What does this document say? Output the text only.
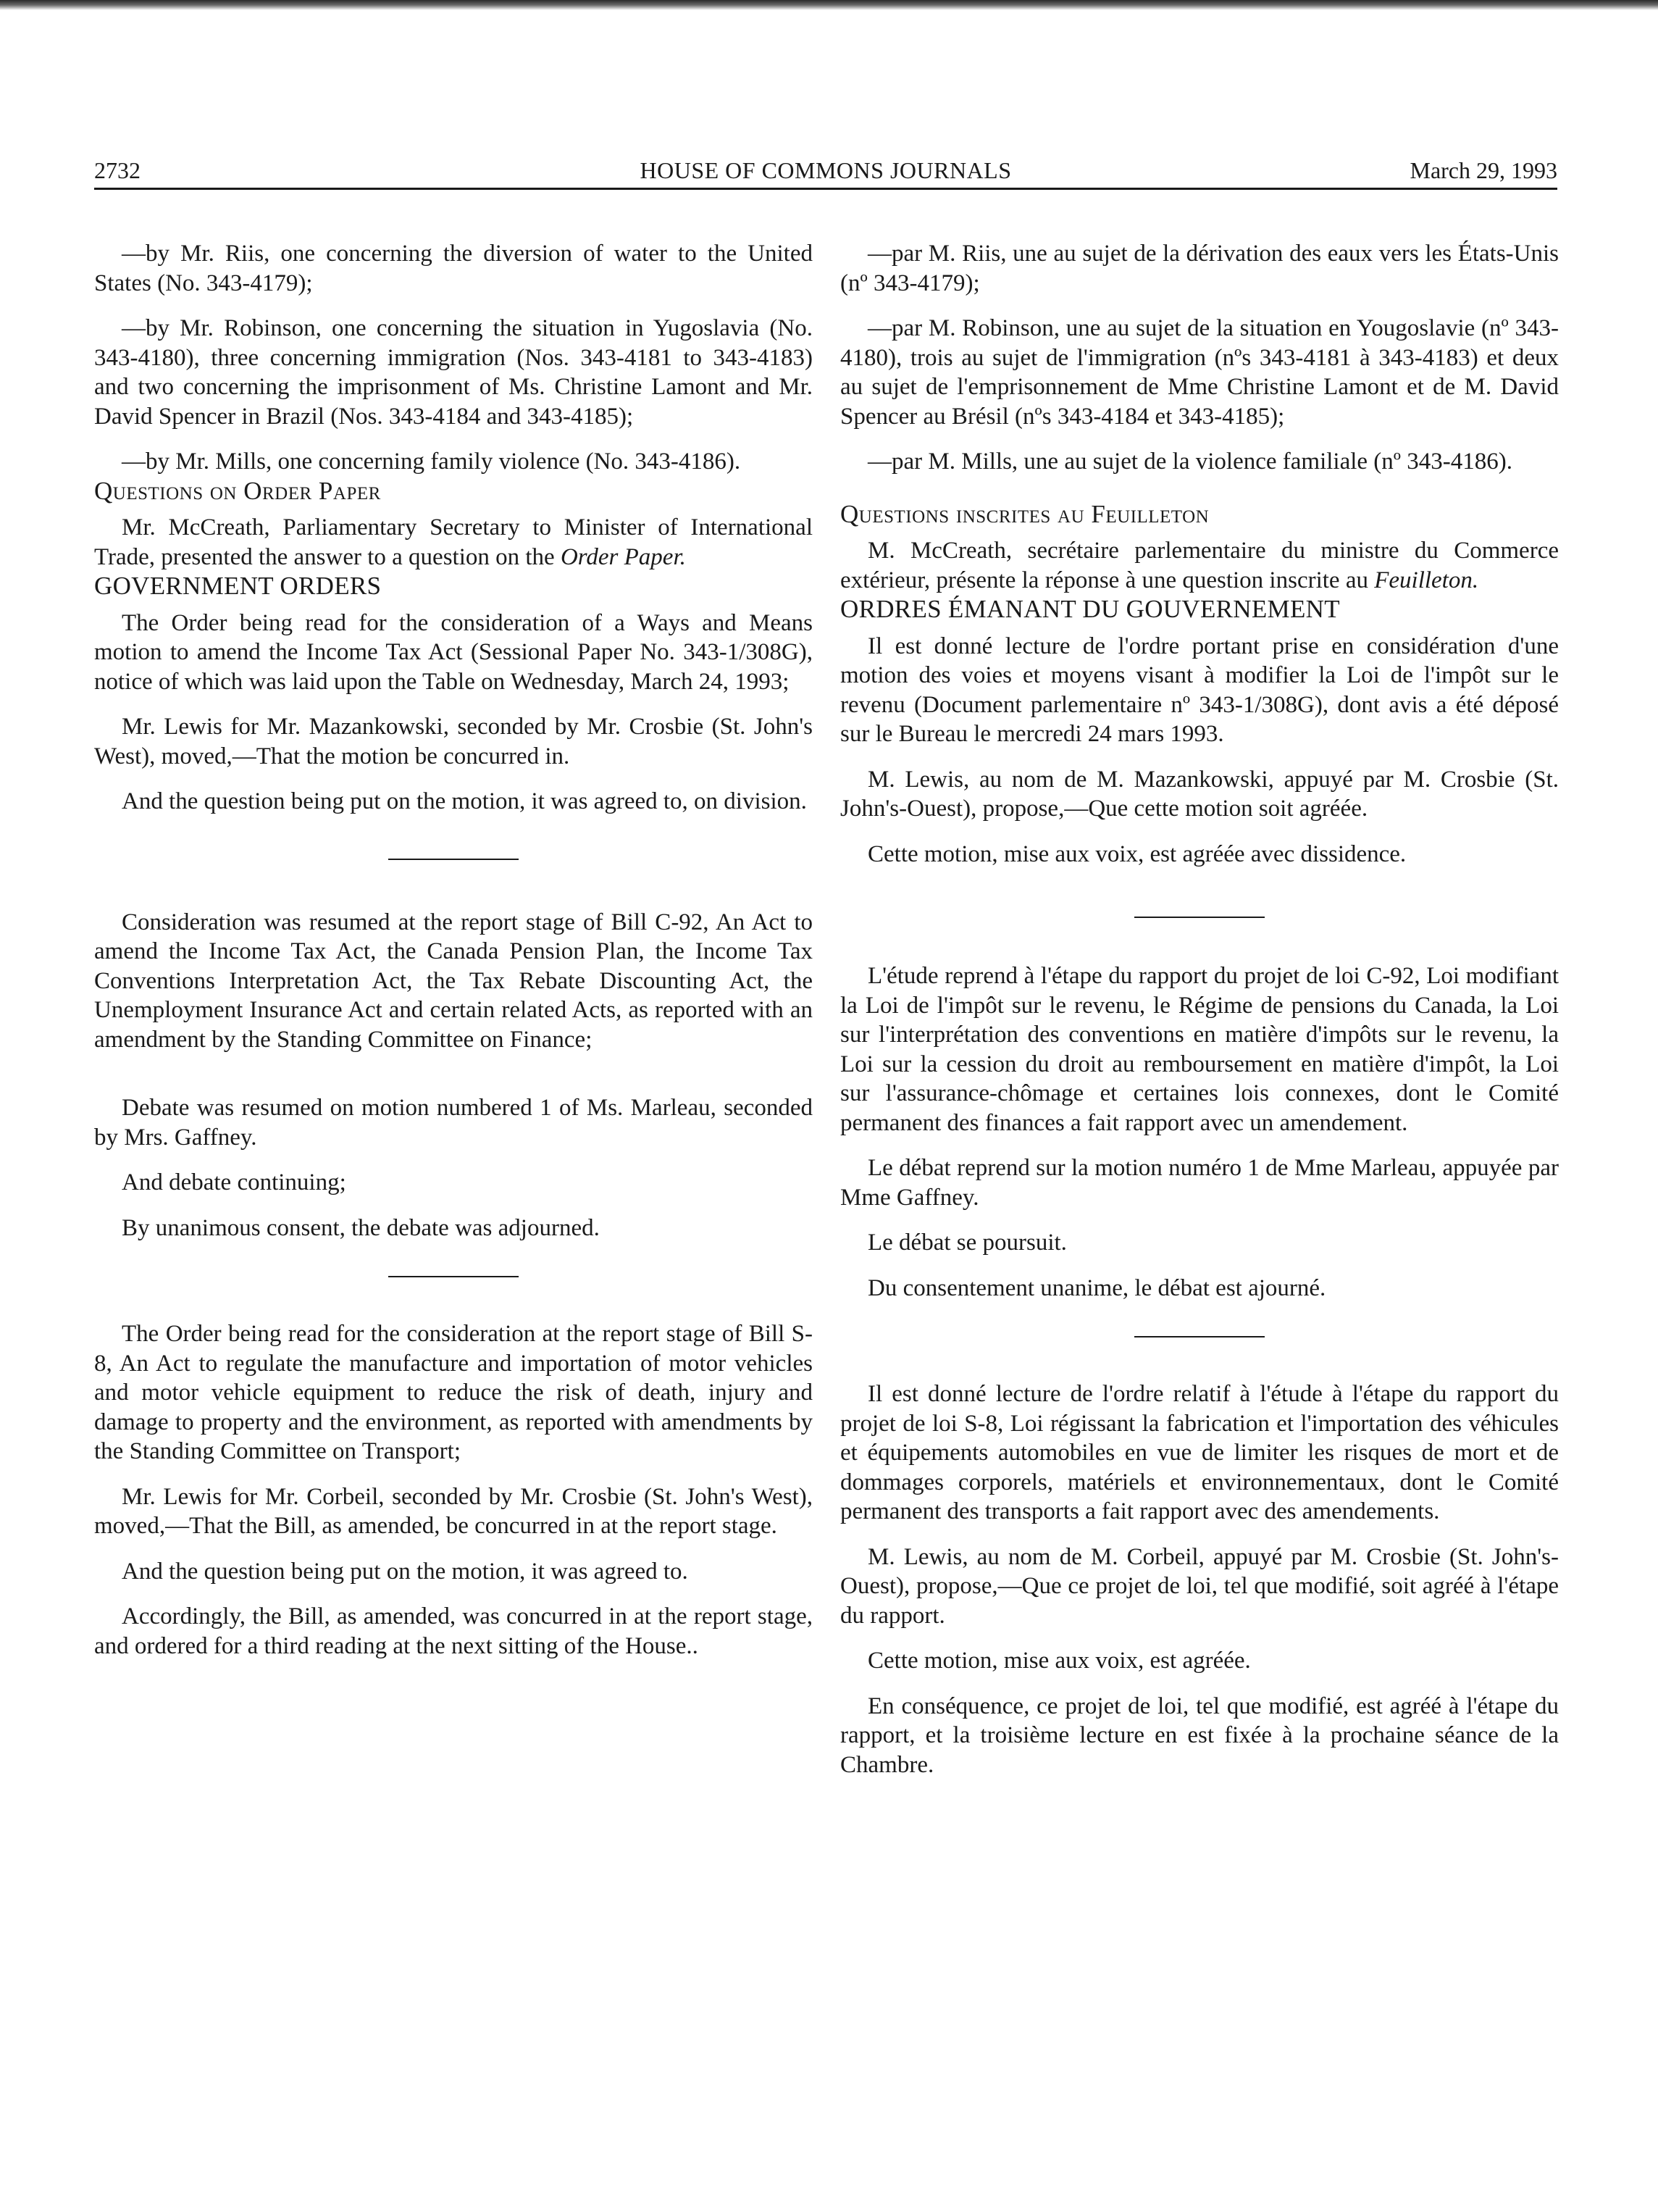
HOUSE OF COMMONS JOURNALS
2732	March 29, 1993

—by Mr. Riis, one concerning the diversion of water to the United States (No. 343-4179);

—by Mr. Robinson, one concerning the situation in Yugoslavia (No. 343-4180), three concerning immigration (Nos. 343-4181 to 343-4183) and two concerning the imprisonment of Ms. Christine Lamont and Mr. David Spencer in Brazil (Nos. 343-4184 and 343-4185);

—by Mr. Mills, one concerning family violence (No. 343-4186).

Questions on Order Paper

Mr. McCreath, Parliamentary Secretary to Minister of International Trade, presented the answer to a question on the Order Paper.

GOVERNMENT ORDERS

The Order being read for the consideration of a Ways and Means motion to amend the Income Tax Act (Sessional Paper No. 343-1/308G), notice of which was laid upon the Table on Wednesday, March 24, 1993;

Mr. Lewis for Mr. Mazankowski, seconded by Mr. Crosbie (St. John's West), moved,—That the motion be concurred in.

And the question being put on the motion, it was agreed to, on division.

Consideration was resumed at the report stage of Bill C-92, An Act to amend the Income Tax Act, the Canada Pension Plan, the Income Tax Conventions Interpretation Act, the Tax Rebate Discounting Act, the Unemployment Insurance Act and certain related Acts, as reported with an amendment by the Standing Committee on Finance;

Debate was resumed on motion numbered 1 of Ms. Marleau, seconded by Mrs. Gaffney.

And debate continuing;

By unanimous consent, the debate was adjourned.

The Order being read for the consideration at the report stage of Bill S-8, An Act to regulate the manufacture and importation of motor vehicles and motor vehicle equipment to reduce the risk of death, injury and damage to property and the environment, as reported with amendments by the Standing Committee on Transport;

Mr. Lewis for Mr. Corbeil, seconded by Mr. Crosbie (St. John's West), moved,—That the Bill, as amended, be concurred in at the report stage.

And the question being put on the motion, it was agreed to.

Accordingly, the Bill, as amended, was concurred in at the report stage, and ordered for a third reading at the next sitting of the House..

—par M. Riis, une au sujet de la dérivation des eaux vers les États-Unis (nº 343-4179);

—par M. Robinson, une au sujet de la situation en Yougoslavie (nº 343-4180), trois au sujet de l'immigration (nºs 343-4181 à 343-4183) et deux au sujet de l'emprisonnement de Mme Christine Lamont et de M. David Spencer au Brésil (nºs 343-4184 et 343-4185);

—par M. Mills, une au sujet de la violence familiale (nº 343-4186).

Questions inscrites au Feuilleton

M. McCreath, secrétaire parlementaire du ministre du Commerce extérieur, présente la réponse à une question inscrite au Feuilleton.

ORDRES ÉMANANT DU GOUVERNEMENT

Il est donné lecture de l'ordre portant prise en considération d'une motion des voies et moyens visant à modifier la Loi de l'impôt sur le revenu (Document parlementaire nº 343-1/308G), dont avis a été déposé sur le Bureau le mercredi 24 mars 1993.

M. Lewis, au nom de M. Mazankowski, appuyé par M. Crosbie (St. John's-Ouest), propose,—Que cette motion soit agréée.

Cette motion, mise aux voix, est agréée avec dissidence.

L'étude reprend à l'étape du rapport du projet de loi C-92, Loi modifiant la Loi de l'impôt sur le revenu, le Régime de pensions du Canada, la Loi sur l'interprétation des conventions en matière d'impôts sur le revenu, la Loi sur la cession du droit au remboursement en matière d'impôt, la Loi sur l'assurance-chômage et certaines lois connexes, dont le Comité permanent des finances a fait rapport avec un amendement.

Le débat reprend sur la motion numéro 1 de Mme Marleau, appuyée par Mme Gaffney.

Le débat se poursuit.

Du consentement unanime, le débat est ajourné.

Il est donné lecture de l'ordre relatif à l'étude à l'étape du rapport du projet de loi S-8, Loi régissant la fabrication et l'importation des véhicules et équipements automobiles en vue de limiter les risques de mort et de dommages corporels, matériels et environnementaux, dont le Comité permanent des transports a fait rapport avec des amendements.

M. Lewis, au nom de M. Corbeil, appuyé par M. Crosbie (St. John's-Ouest), propose,—Que ce projet de loi, tel que modifié, soit agréé à l'étape du rapport.

Cette motion, mise aux voix, est agréée.

En conséquence, ce projet de loi, tel que modifié, est agréé à l'étape du rapport, et la troisième lecture en est fixée à la prochaine séance de la Chambre.
